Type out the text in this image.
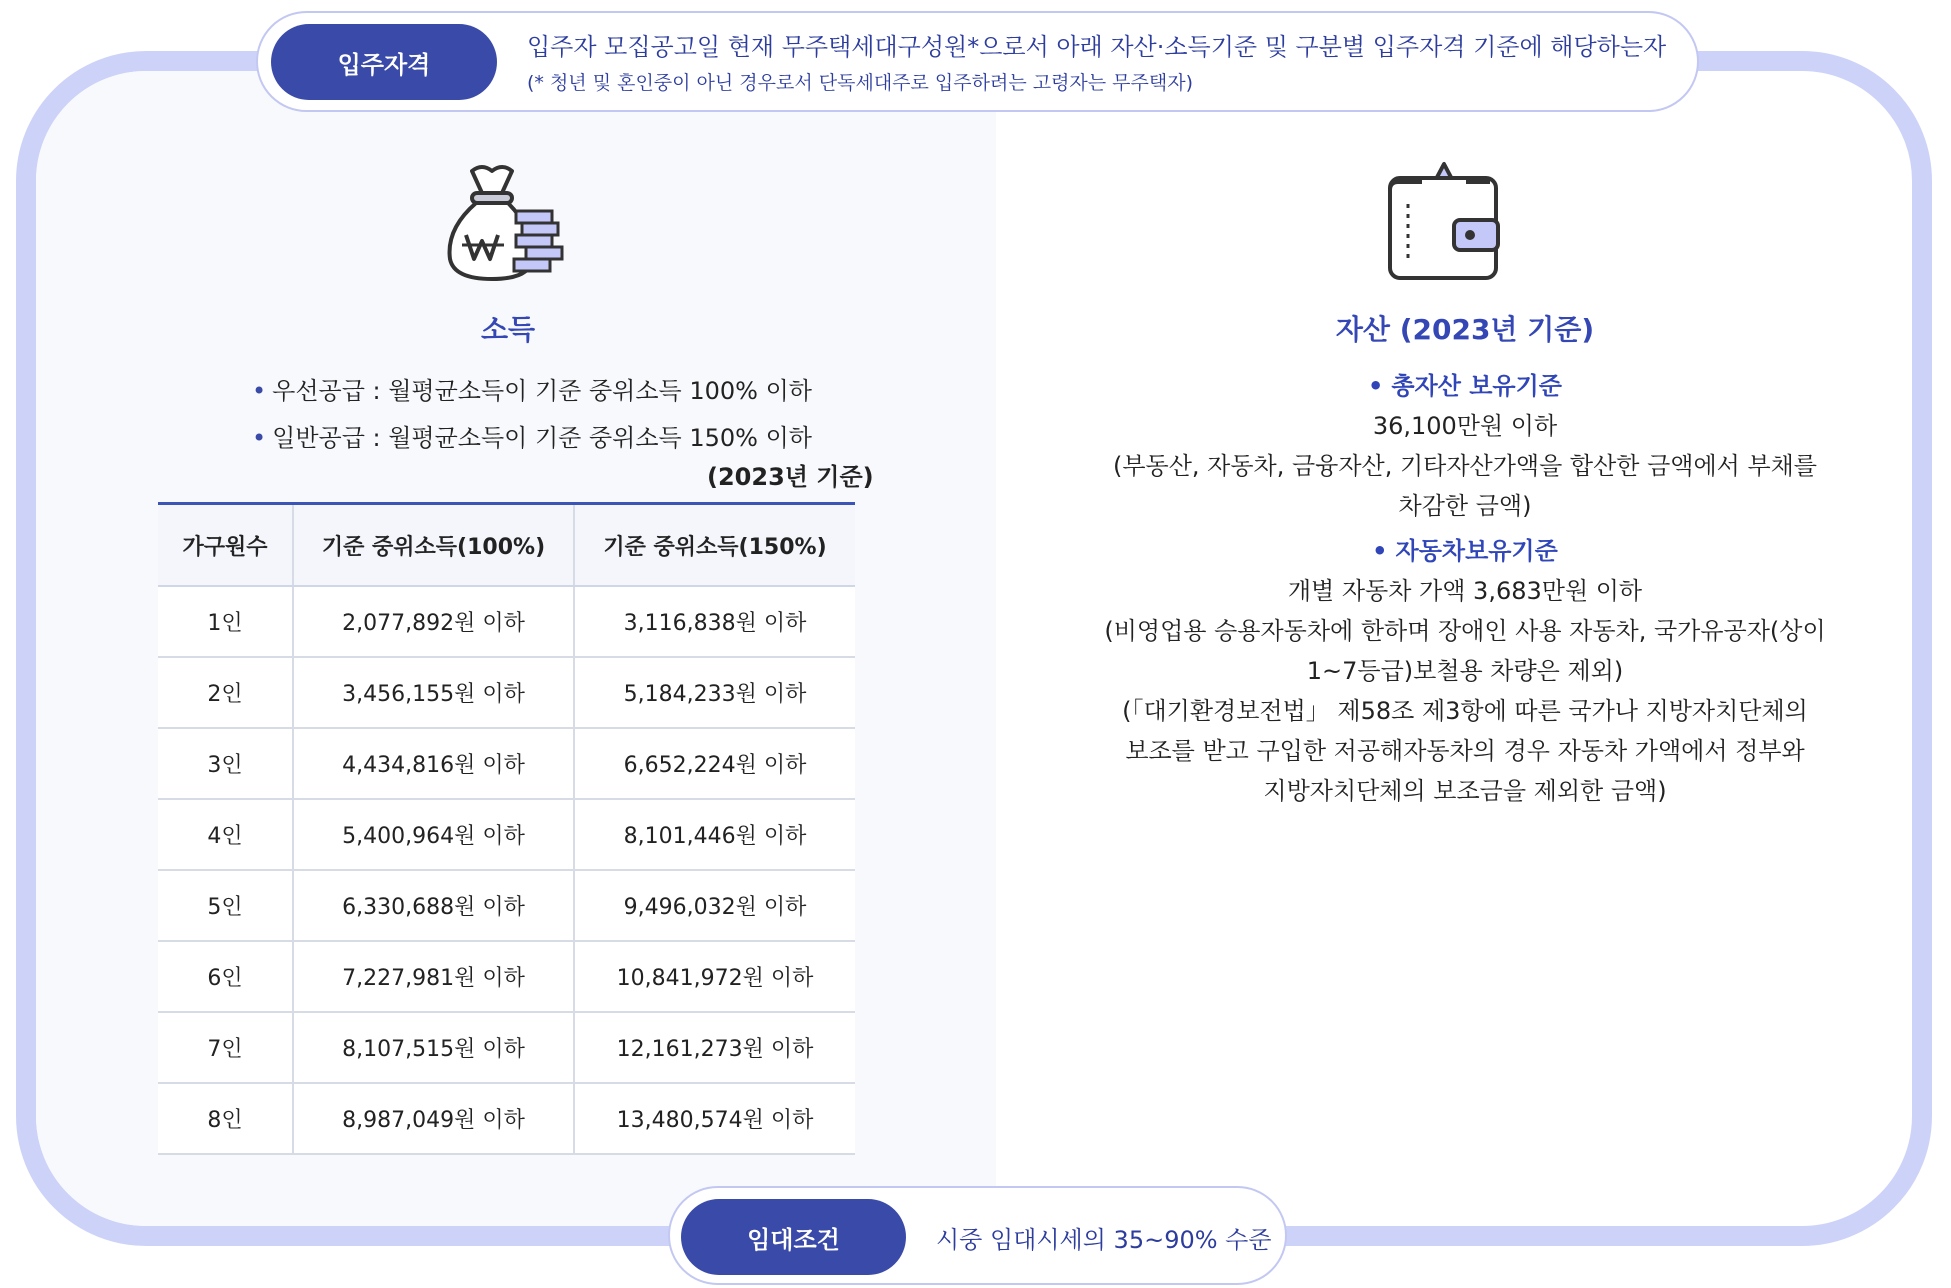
입주자격
입주자 모집공고일 현재 무주택세대구성원*으로서 아래 자산·소득기준 및 구분별 입주자격 기준에 해당하는자
(* 청년 및 혼인중이 아닌 경우로서 단독세대주로 입주하려는 고령자는 무주택자)
소득
• 우선공급 : 월평균소득이 기준 중위소득 100% 이하
• 일반공급 : 월평균소득이 기준 중위소득 150% 이하
(2023년 기준)
가구원수	기준 중위소득(100%)	기준 중위소득(150%)
1인	2,077,892원 이하	3,116,838원 이하
2인	3,456,155원 이하	5,184,233원 이하
3인	4,434,816원 이하	6,652,224원 이하
4인	5,400,964원 이하	8,101,446원 이하
5인	6,330,688원 이하	9,496,032원 이하
6인	7,227,981원 이하	10,841,972원 이하
7인	8,107,515원 이하	12,161,273원 이하
8인	8,987,049원 이하	13,480,574원 이하
자산 (2023년 기준)
• 총자산 보유기준
36,100만원 이하
(부동산, 자동차, 금융자산, 기타자산가액을 합산한 금액에서 부채를
차감한 금액)
• 자동차보유기준
개별 자동차 가액 3,683만원 이하
(비영업용 승용자동차에 한하며 장애인 사용 자동차, 국가유공자(상이
1~7등급)보철용 차량은 제외)
(「대기환경보전법」 제58조 제3항에 따른 국가나 지방자치단체의
보조를 받고 구입한 저공해자동차의 경우 자동차 가액에서 정부와
지방자치단체의 보조금을 제외한 금액)
임대조건	시중 임대시세의 35~90% 수준
